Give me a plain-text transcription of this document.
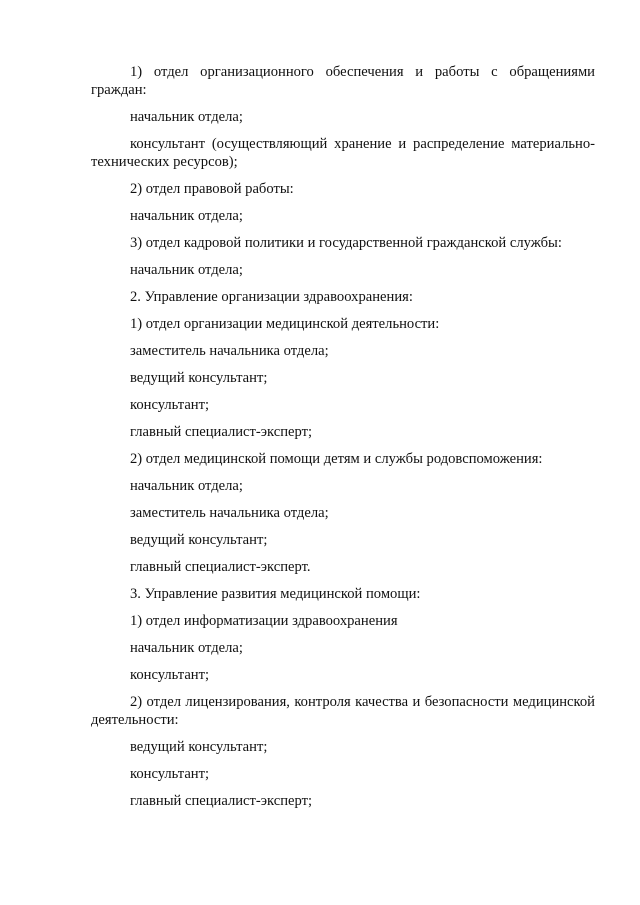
1) отдел организационного обеспечения и работы с обращениями граждан:

начальник отдела;

консультант (осуществляющий хранение и распределение материально-технических ресурсов);

2) отдел правовой работы:

начальник отдела;

3) отдел кадровой политики и государственной гражданской службы:

начальник отдела;

2. Управление организации здравоохранения:

1) отдел организации медицинской деятельности:

заместитель начальника отдела;

ведущий консультант;

консультант;

главный специалист-эксперт;

2) отдел медицинской помощи детям и службы родовспоможения:

начальник отдела;

заместитель начальника отдела;

ведущий консультант;

главный специалист-эксперт.

3. Управление развития медицинской помощи:

1) отдел информатизации здравоохранения

начальник отдела;

консультант;

2) отдел лицензирования, контроля качества и безопасности медицинской деятельности:

ведущий консультант;

консультант;

главный специалист-эксперт;
